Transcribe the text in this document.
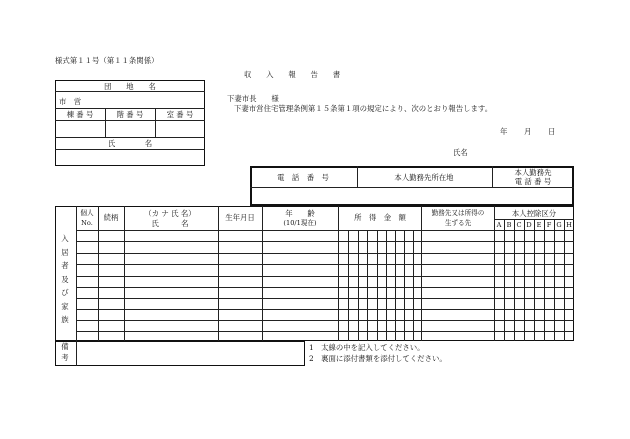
様式第１１号（第１１条関係）
収　　入　　報　　告　　書
団　　地　　名
市　営
棟 番 号	階 番 号	室 番 号
氏　　　　名
下妻市長　　様
下妻市営住宅管理条例第１５条第１項の規定により、次のとおり報告します。
年 月 日
氏名
電　話　番　号	本人勤務先所在地
本人勤務先
電 話 番 号
入居者及び家族
個人
No.
続柄	（カ ナ 氏 名）
氏　　　名
生年月日	年　　齢
(10/1現在)
所　得　金　額	勤務先又は所得の
生ずる先
本人控除区分
A B C D E F G H
備考
1　太線の中を記入してください。
2　裏面に添付書類を添付してください。
